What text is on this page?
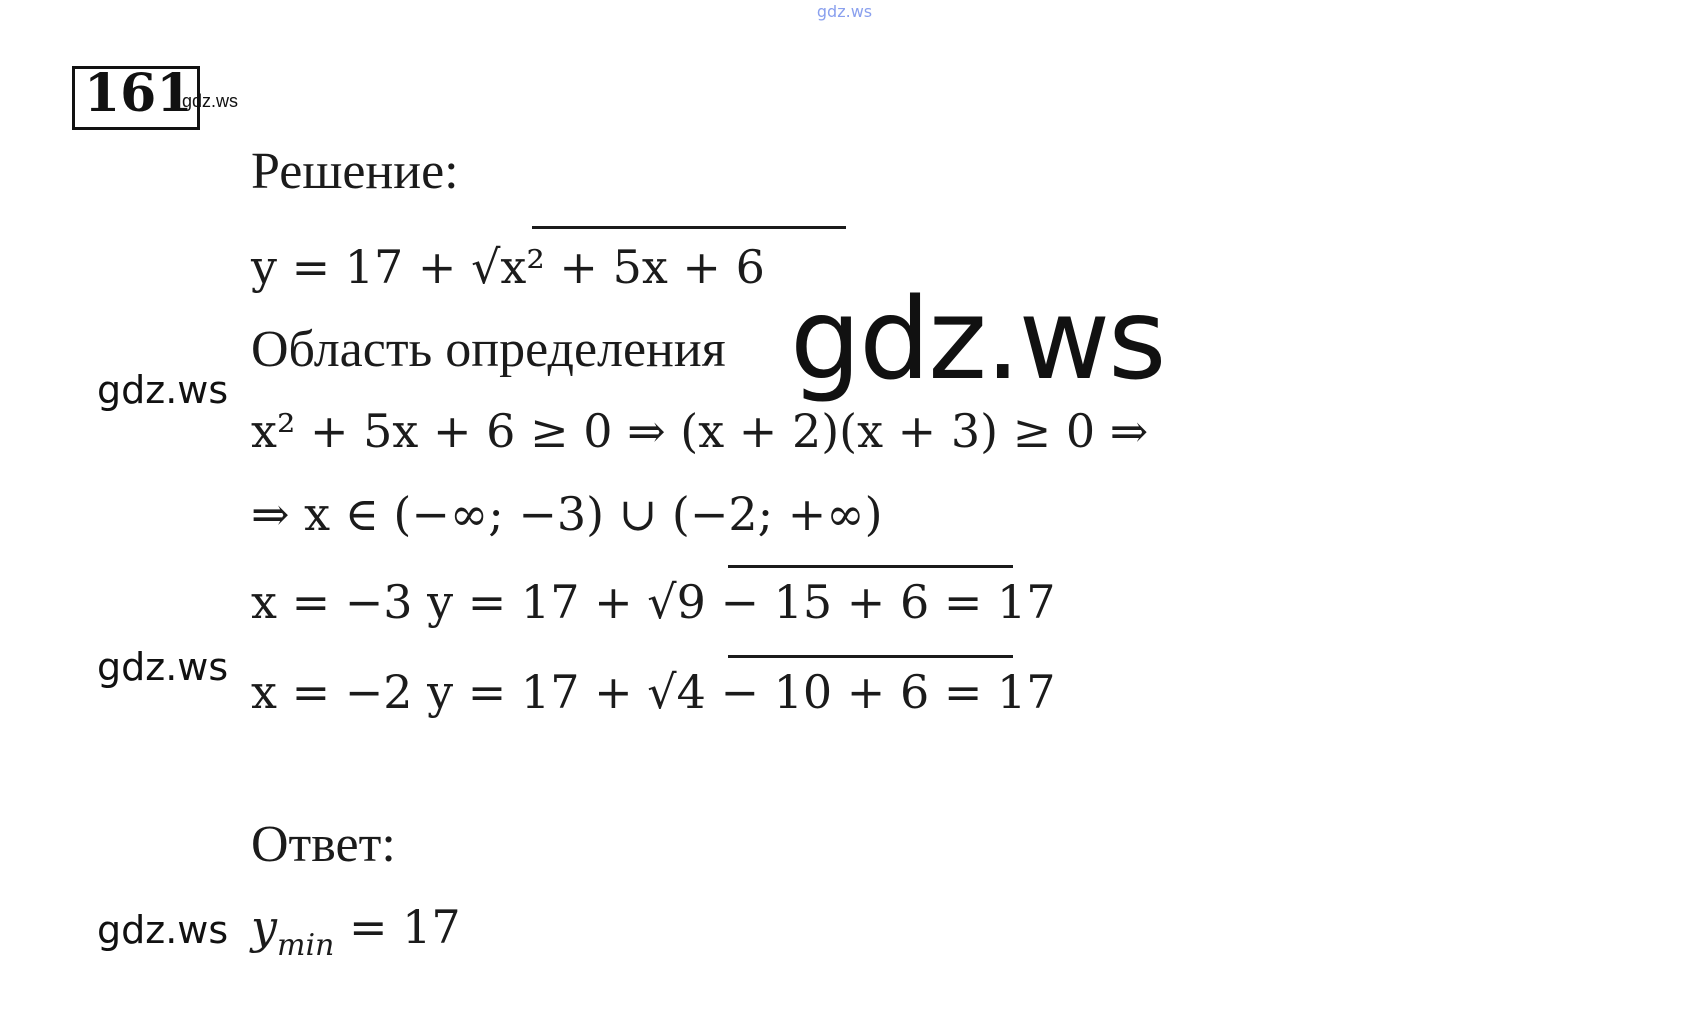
gdz.ws
161
gdz.ws
Решение:
y = 17 + √x² + 5x + 6
Область определения gdz.ws
gdz.ws
x² + 5x + 6 ≥ 0 ⇒ (x + 2)(x + 3) ≥ 0 ⇒
⇒ x ∈ (−∞; −3) ∪ (−2; +∞)
x = −3 y = 17 + √9 − 15 + 6 = 17
gdz.ws x = −2 y = 17 + √4 − 10 + 6 = 17
Ответ:
gdz.ws $y_{min} = 17$
